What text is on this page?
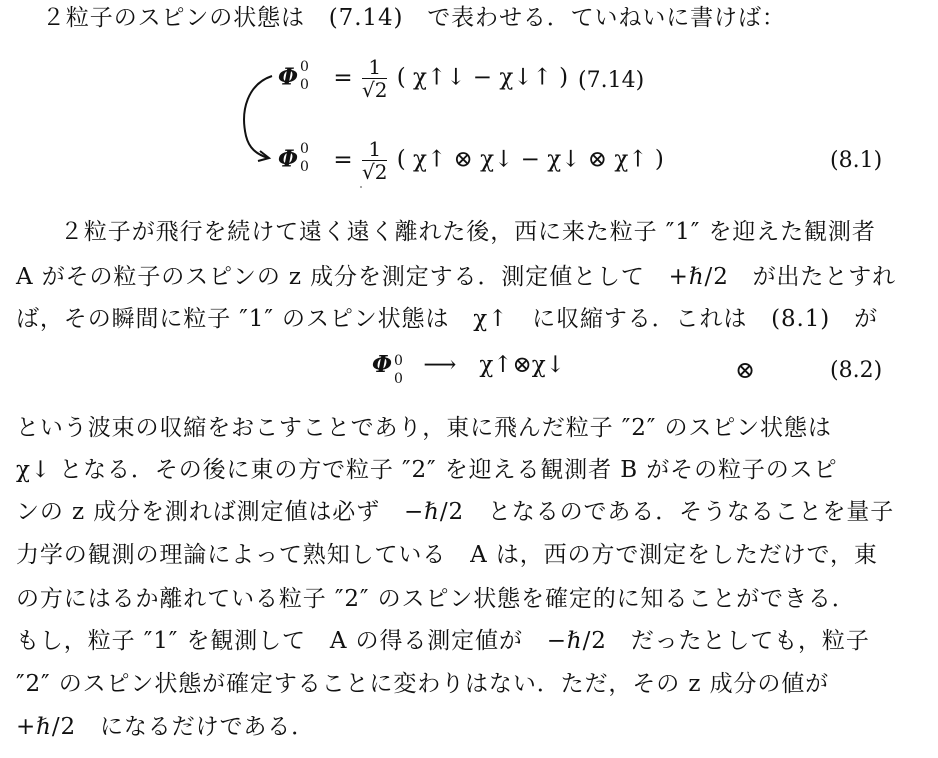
２粒子のスピンの状態は　(7.14)　で表わせる．ていねいに書けば：
Φ 0
$0 = \frac{1}{√2}$ ( χ↑↓ − χ↓↑ ) (7.14)
Φ 0
$0 = \frac{1}{√2}$ ( χ↑ ⊗ χ↓ − χ↓ ⊗ χ↑ )	(8.1)
２粒子が飛行を続けて遠く遠く離れた後，西に来た粒子 ″1″ を迎えた観測者
A がその粒子のスピンの z 成分を測定する．測定値として　+ℏ/2　が出たとすれ
ば，その瞬間に粒子 ″1″ のスピン状態は　χ↑　に収縮する．これは　(8.1)　が
Φ 0
0
⟶　χ↑⊗χ↓	⊗	(8.2)
という波束の収縮をおこすことであり，東に飛んだ粒子 ″2″ のスピン状態は
χ↓ となる．その後に東の方で粒子 ″2″ を迎える観測者 B がその粒子のスピ
ンの z 成分を測れば測定値は必ず　−ℏ/2　となるのである．そうなることを量子
力学の観測の理論によって熟知している　A は，西の方で測定をしただけで，東
の方にはるか離れている粒子 ″2″ のスピン状態を確定的に知ることができる．
もし，粒子 ″1″ を観測して　A の得る測定値が　−ℏ/2　だったとしても，粒子
″2″ のスピン状態が確定することに変わりはない．ただ，その z 成分の値が
+ℏ/2　になるだけである．
